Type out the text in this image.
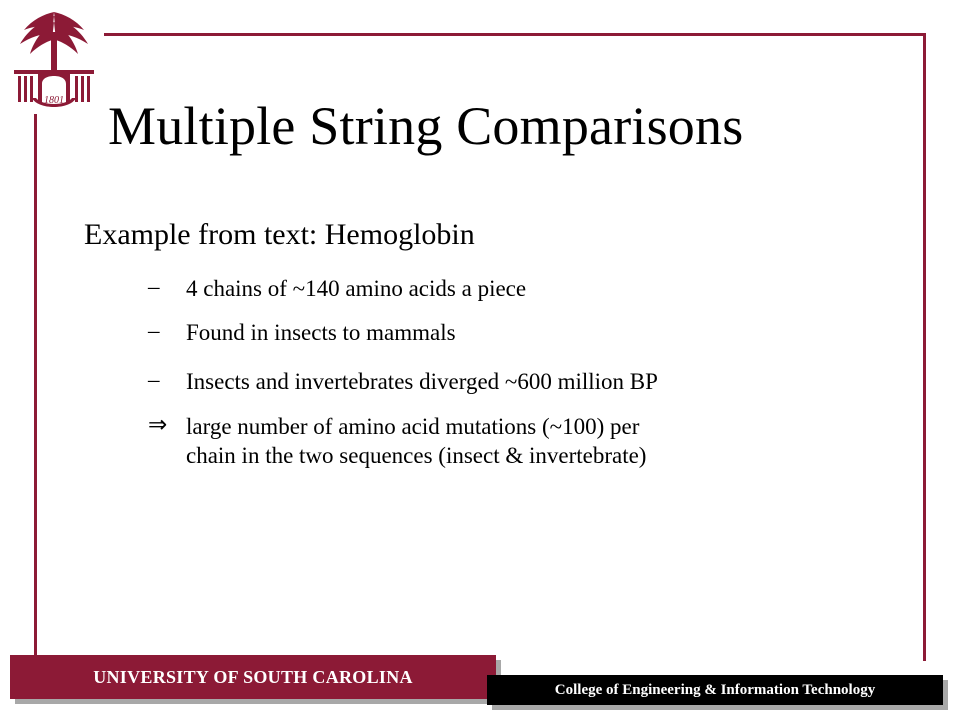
1801 Multiple String Comparisons
Example from text: Hemoglobin
–	4 chains of ~140 amino acids a piece
–	Found in insects to mammals
–	Insects and invertebrates diverged ~600 million BP
⇒ large number of amino acid mutations (~100) per
chain in the two sequences (insect & invertebrate)
UNIVERSITY OF SOUTH CAROLINA
College of Engineering & Information Technology
